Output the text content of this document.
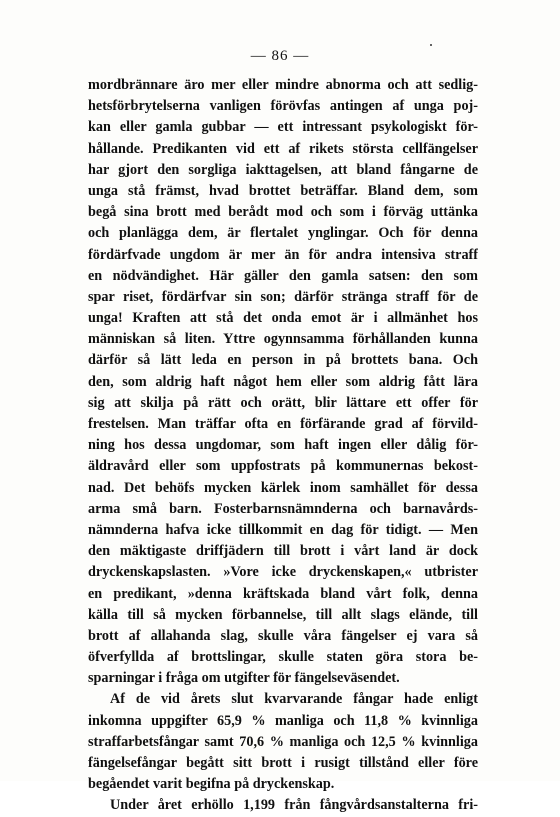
— 86 —
mordbrännare äro mer eller mindre abnorma och att sedlig-
hetsförbrytelserna vanligen förövfas antingen af unga poj-
kan eller gamla gubbar — ett intressant psykologiskt för-
hållande. Predikanten vid ett af rikets största cellfängelser
har gjort den sorgliga iakttagelsen, att bland fångarne de
unga stå främst, hvad brottet beträffar. Bland dem, som
begå sina brott med berådt mod och som i förväg uttänka
och planlägga dem, är flertalet ynglingar. Och för denna
fördärfvade ungdom är mer än för andra intensiva straff
en nödvändighet. Här gäller den gamla satsen: den som
spar riset, fördärfvar sin son; därför stränga straff för de
unga! Kraften att stå det onda emot är i allmänhet hos
människan så liten. Yttre ogynnsamma förhållanden kunna
därför så lätt leda en person in på brottets bana. Och
den, som aldrig haft något hem eller som aldrig fått lära
sig att skilja på rätt och orätt, blir lättare ett offer för
frestelsen. Man träffar ofta en förfärande grad af förvild-
ning hos dessa ungdomar, som haft ingen eller dålig för-
äldravård eller som uppfostrats på kommunernas bekost-
nad. Det behöfs mycken kärlek inom samhället för dessa
arma små barn. Fosterbarnsnämnderna och barnavårds-
nämnderna hafva icke tillkommit en dag för tidigt. — Men
den mäktigaste driffjädern till brott i vårt land är dock
dryckenskapslasten. »Vore icke dryckenskapen,« utbrister
en predikant, »denna kräftskada bland vårt folk, denna
källa till så mycken förbannelse, till allt slags elände, till
brott af allahanda slag, skulle våra fängelser ej vara så
öfverfyllda af brottslingar, skulle staten göra stora be-
sparningar i fråga om utgifter för fängelseväsendet.
Af de vid årets slut kvarvarande fångar hade enligt
inkomna uppgifter 65,9 % manliga och 11,8 % kvinnliga
straffarbetsfångar samt 70,6 % manliga och 12,5 % kvinnliga
fängelsefångar begått sitt brott i rusigt tillstånd eller före
begåendet varit begifna på dryckenskap.
Under året erhöllo 1,199 från fångvårdsanstalterna fri-
